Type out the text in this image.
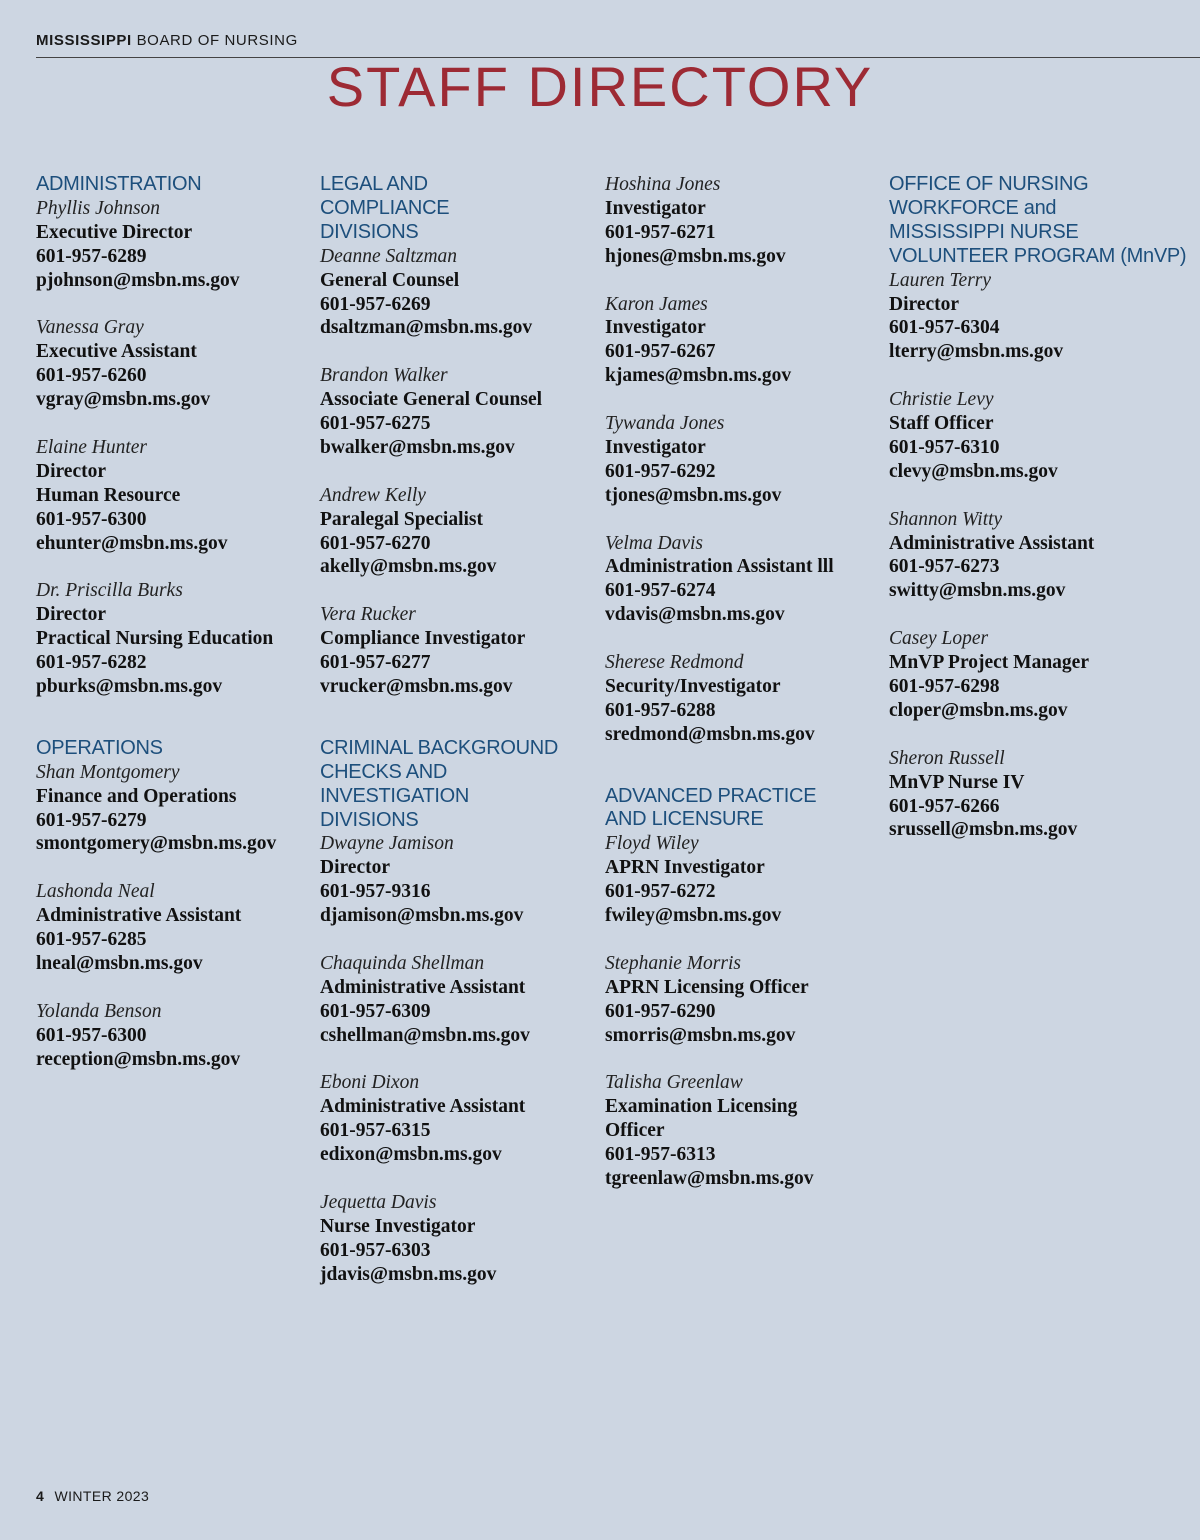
MISSISSIPPI BOARD OF NURSING
STAFF DIRECTORY
ADMINISTRATION
Phyllis Johnson
Executive Director
601-957-6289
pjohnson@msbn.ms.gov
Vanessa Gray
Executive Assistant
601-957-6260
vgray@msbn.ms.gov
Elaine Hunter
Director
Human Resource
601-957-6300
ehunter@msbn.ms.gov
Dr. Priscilla Burks
Director
Practical Nursing Education
601-957-6282
pburks@msbn.ms.gov
OPERATIONS
Shan Montgomery
Finance and Operations
601-957-6279
smontgomery@msbn.ms.gov
Lashonda Neal
Administrative Assistant
601-957-6285
lneal@msbn.ms.gov
Yolanda Benson
601-957-6300
reception@msbn.ms.gov
LEGAL AND
COMPLIANCE
DIVISIONS
Deanne Saltzman
General Counsel
601-957-6269
dsaltzman@msbn.ms.gov
Brandon Walker
Associate General Counsel
601-957-6275
bwalker@msbn.ms.gov
Andrew Kelly
Paralegal Specialist
601-957-6270
akelly@msbn.ms.gov
Vera Rucker
Compliance Investigator
601-957-6277
vrucker@msbn.ms.gov
CRIMINAL BACKGROUND
CHECKS AND INVESTIGATION
DIVISIONS
Dwayne Jamison
Director
601-957-9316
djamison@msbn.ms.gov
Chaquinda Shellman
Administrative Assistant
601-957-6309
cshellman@msbn.ms.gov
Eboni Dixon
Administrative Assistant
601-957-6315
edixon@msbn.ms.gov
Jequetta Davis
Nurse Investigator
601-957-6303
jdavis@msbn.ms.gov
Hoshina Jones
Investigator
601-957-6271
hjones@msbn.ms.gov
Karon James
Investigator
601-957-6267
kjames@msbn.ms.gov
Tywanda Jones
Investigator
601-957-6292
tjones@msbn.ms.gov
Velma Davis
Administration Assistant lll
601-957-6274
vdavis@msbn.ms.gov
Sherese Redmond
Security/Investigator
601-957-6288
sredmond@msbn.ms.gov
ADVANCED PRACTICE
AND LICENSURE
Floyd Wiley
APRN Investigator
601-957-6272
fwiley@msbn.ms.gov
Stephanie Morris
APRN Licensing Officer
601-957-6290
smorris@msbn.ms.gov
Talisha Greenlaw
Examination Licensing
Officer
601-957-6313
tgreenlaw@msbn.ms.gov
OFFICE OF NURSING
WORKFORCE and
MISSISSIPPI NURSE
VOLUNTEER PROGRAM (MnVP)
Lauren Terry
Director
601-957-6304
lterry@msbn.ms.gov
Christie Levy
Staff Officer
601-957-6310
clevy@msbn.ms.gov
Shannon Witty
Administrative Assistant
601-957-6273
switty@msbn.ms.gov
Casey Loper
MnVP Project Manager
601-957-6298
cloper@msbn.ms.gov
Sheron Russell
MnVP Nurse IV
601-957-6266
srussell@msbn.ms.gov
4 WINTER 2023
